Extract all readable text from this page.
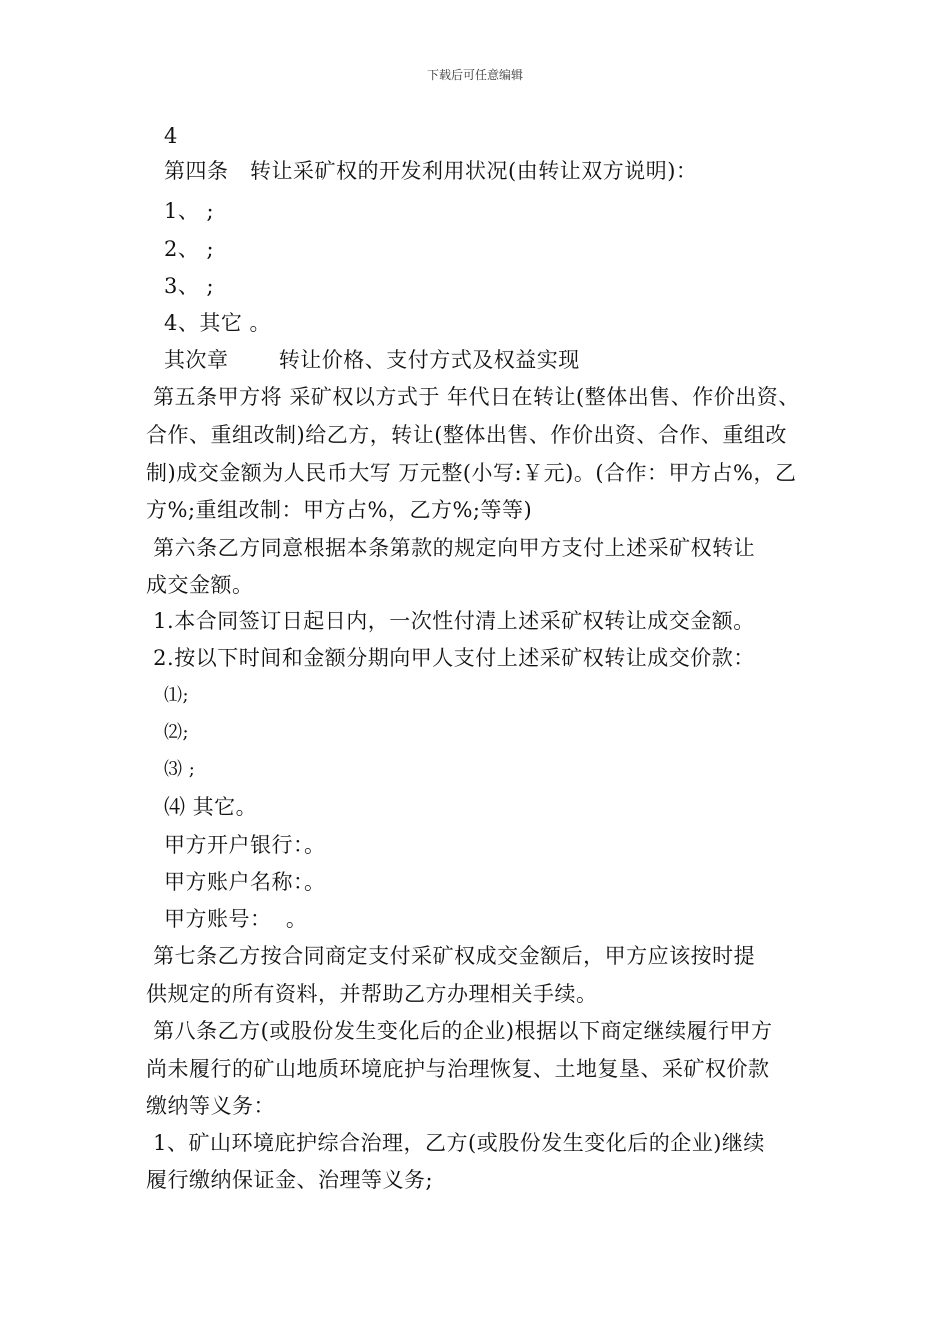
下载后可任意编辑
4
第四条   转让采矿权的开发利用状况(由转让双方说明)：
1、 ;
2、 ;
3、 ;
4、其它 。
其次章       转让价格、支付方式及权益实现
第五条甲方将 采矿权以方式于 年代日在转让(整体出售、作价出资、
合作、重组改制)给乙方，转让(整体出售、作价出资、合作、重组改
制)成交金额为人民币大写 万元整(小写:￥元)。(合作：甲方占%，乙
方%;重组改制：甲方占%，乙方%;等等)
第六条乙方同意根据本条第款的规定向甲方支付上述采矿权转让
成交金额。
1.本合同签订日起日内，一次性付清上述采矿权转让成交金额。
2.按以下时间和金额分期向甲人支付上述采矿权转让成交价款：
⑴;
⑵;
⑶ ;
⑷ 其它。
甲方开户银行：。
甲方账户名称：。
甲方账号：  。
第七条乙方按合同商定支付采矿权成交金额后，甲方应该按时提
供规定的所有资料，并帮助乙方办理相关手续。
第八条乙方(或股份发生变化后的企业)根据以下商定继续履行甲方
尚未履行的矿山地质环境庇护与治理恢复、土地复垦、采矿权价款
缴纳等义务：
1、矿山环境庇护综合治理，乙方(或股份发生变化后的企业)继续
履行缴纳保证金、治理等义务;
